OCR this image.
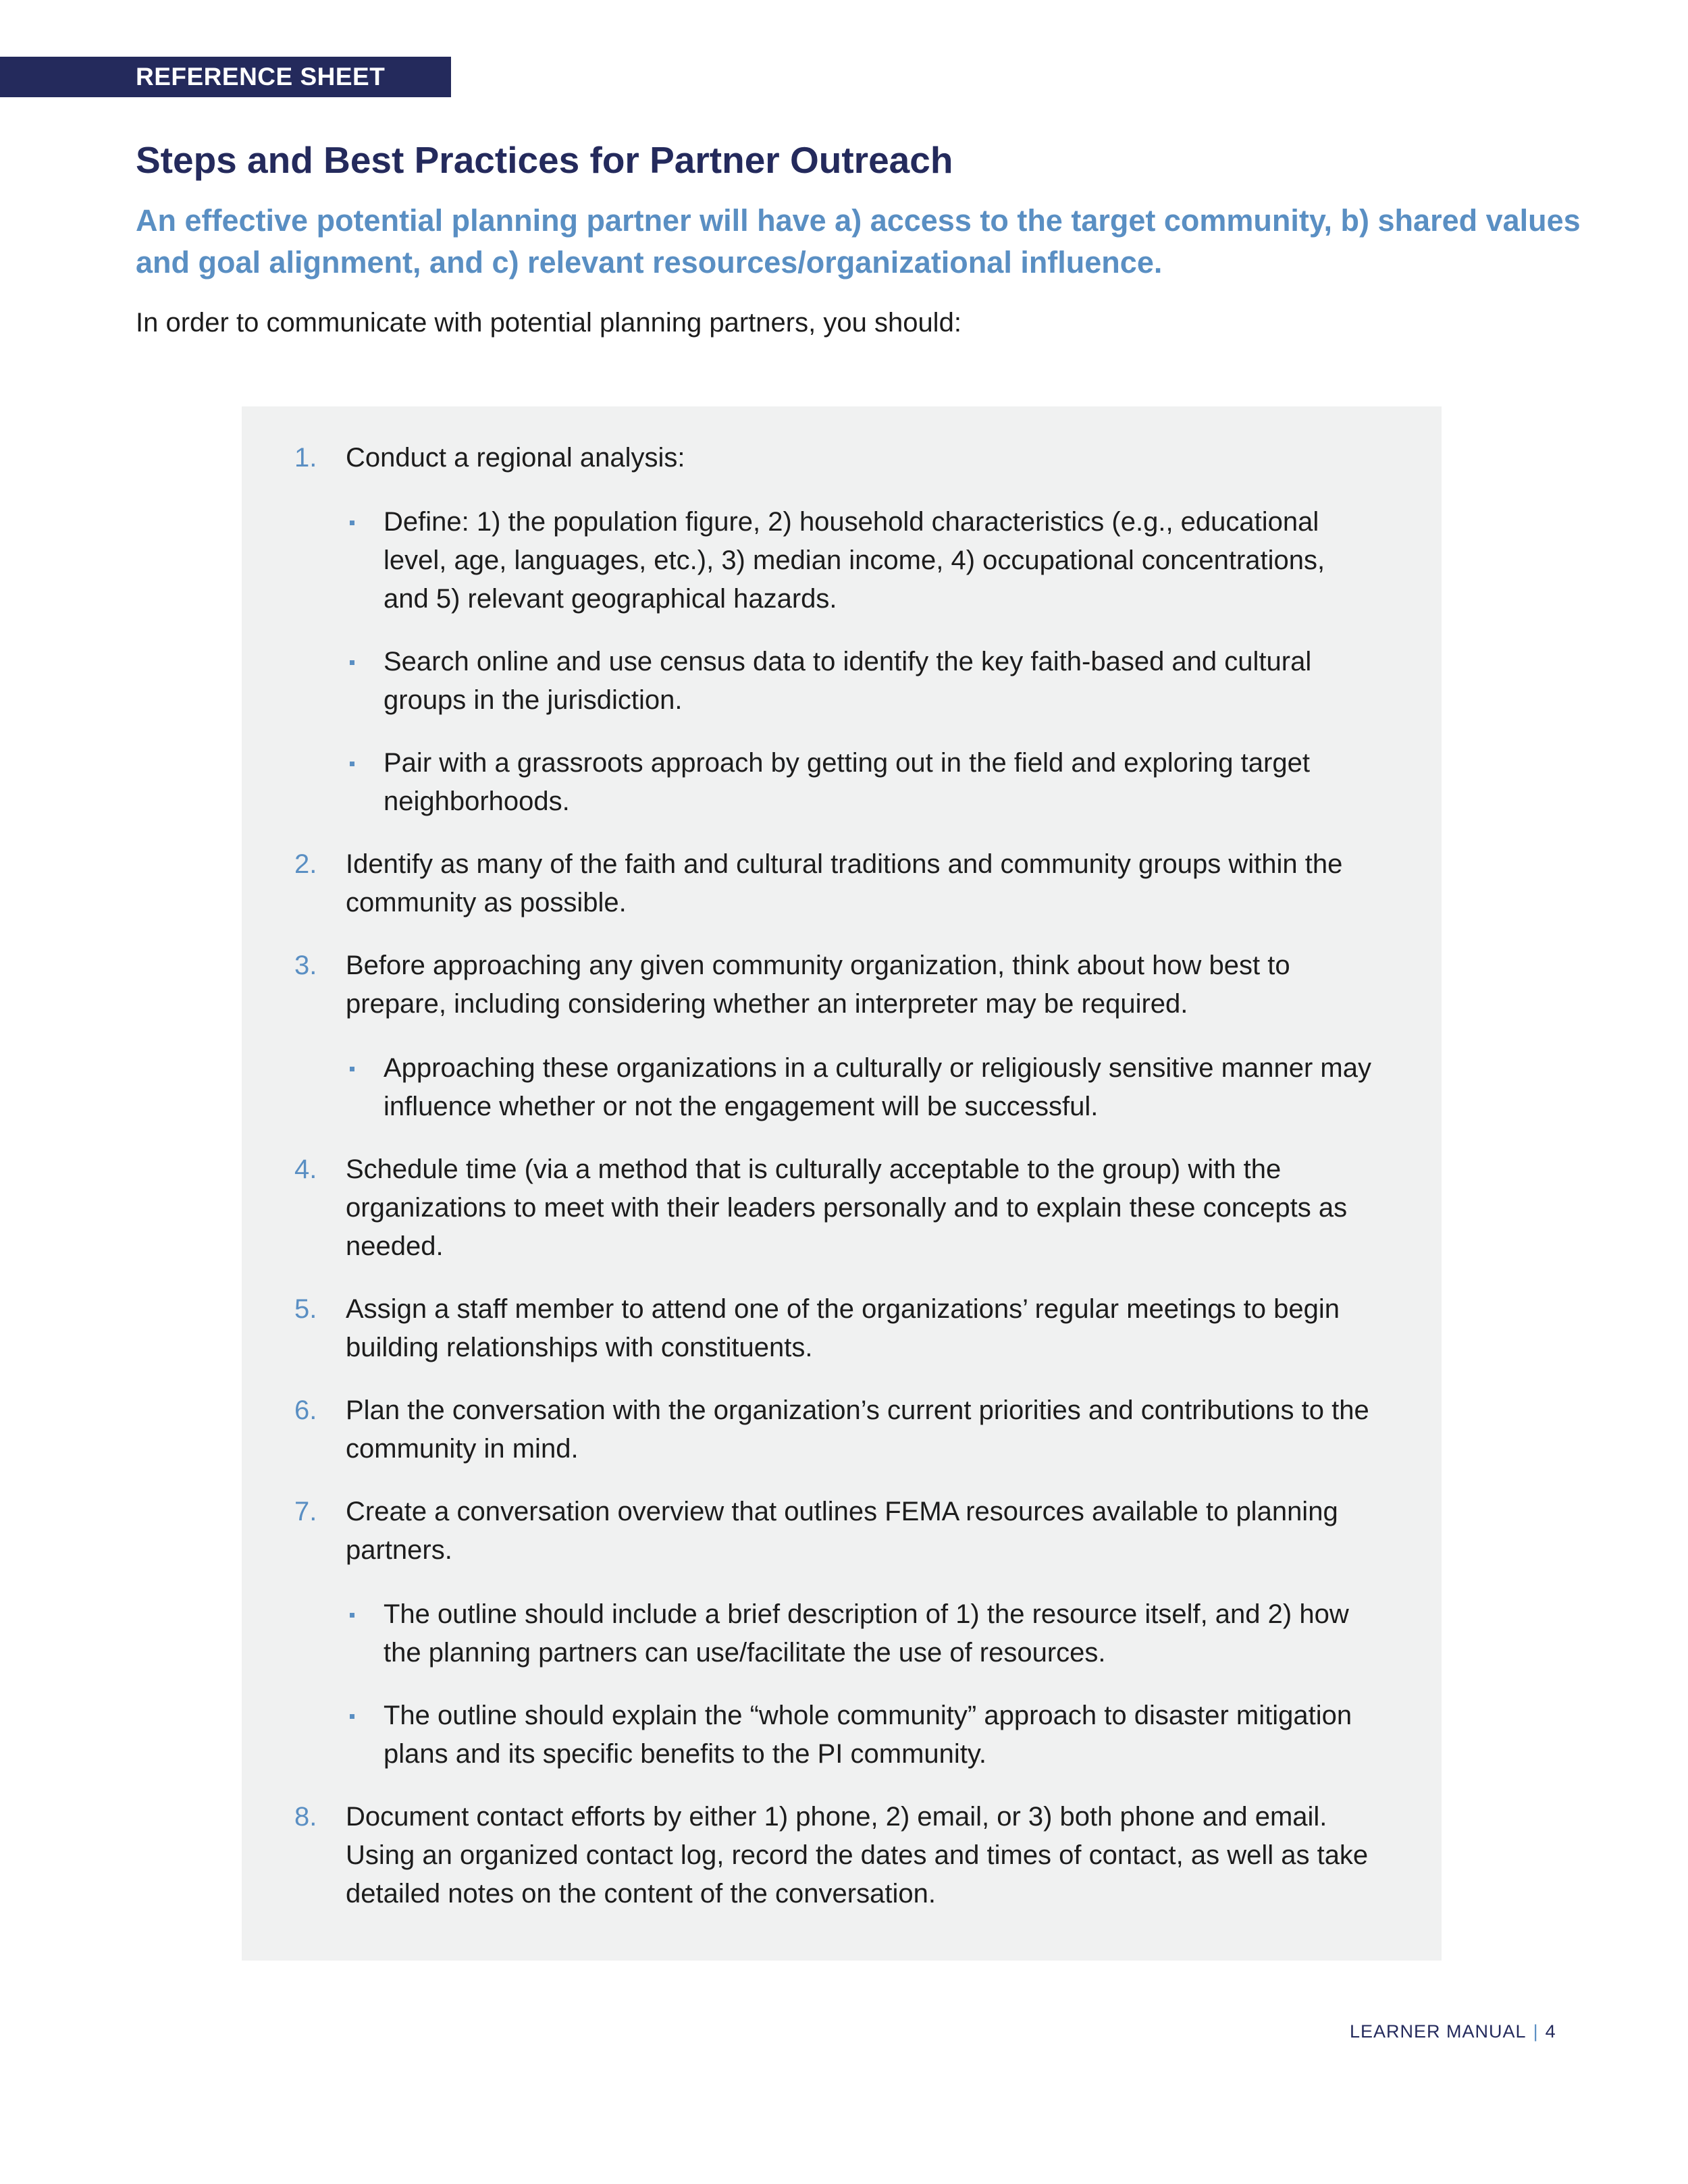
REFERENCE SHEET
Steps and Best Practices for Partner Outreach

An effective potential planning partner will have a) access to the target community, b) shared values and goal alignment, and c) relevant resources/organizational influence.

In order to communicate with potential planning partners, you should:

1. Conduct a regional analysis:
Define: 1) the population figure, 2) household characteristics (e.g., educational level, age, languages, etc.), 3) median income, 4) occupational concentrations, and 5) relevant geographical hazards.
Search online and use census data to identify the key faith-based and cultural groups in the jurisdiction.
Pair with a grassroots approach by getting out in the field and exploring target neighborhoods.
2. Identify as many of the faith and cultural traditions and community groups within the community as possible.
3. Before approaching any given community organization, think about how best to prepare, including considering whether an interpreter may be required.
Approaching these organizations in a culturally or religiously sensitive manner may influence whether or not the engagement will be successful.
4. Schedule time (via a method that is culturally acceptable to the group) with the organizations to meet with their leaders personally and to explain these concepts as needed.
5. Assign a staff member to attend one of the organizations’ regular meetings to begin building relationships with constituents.
6. Plan the conversation with the organization’s current priorities and contributions to the community in mind.
7. Create a conversation overview that outlines FEMA resources available to planning partners.
The outline should include a brief description of 1) the resource itself, and 2) how the planning partners can use/facilitate the use of resources.
The outline should explain the “whole community” approach to disaster mitigation plans and its specific benefits to the PI community.
8. Document contact efforts by either 1) phone, 2) email, or 3) both phone and email. Using an organized contact log, record the dates and times of contact, as well as take detailed notes on the content of the conversation.
LEARNER MANUAL | 4
